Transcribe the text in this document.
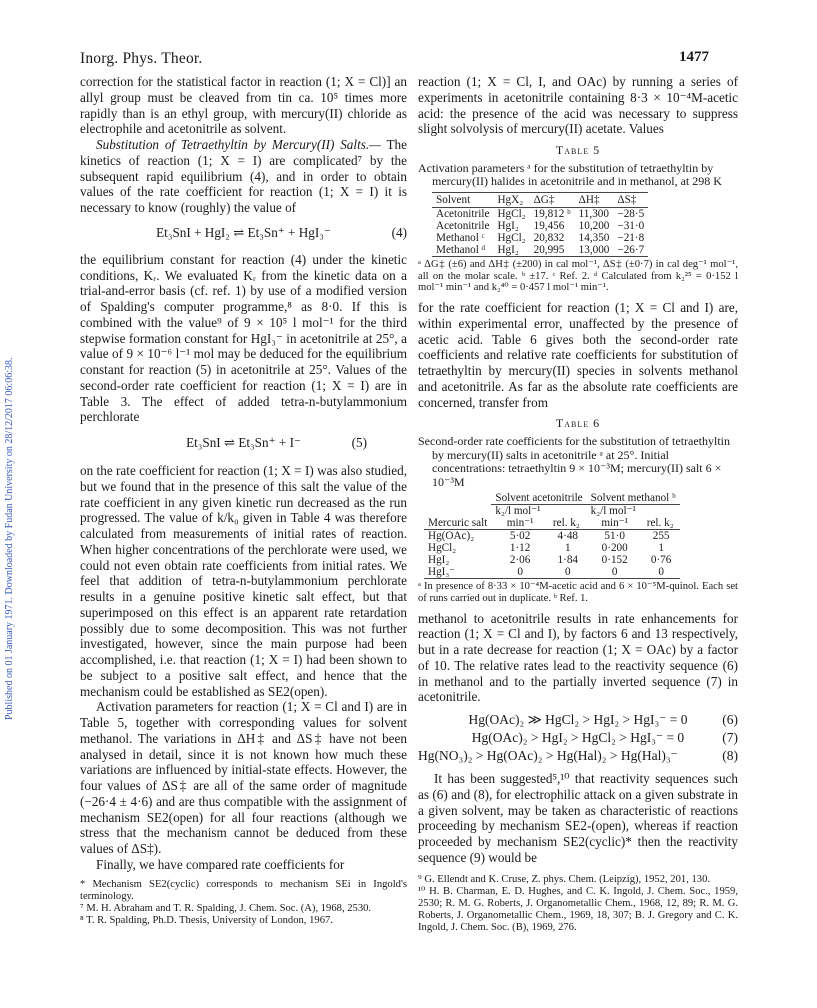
Inorg. Phys. Theor.	1477
Published on 01 January 1971. Downloaded by Fudan University on 28/12/2017 06:06:38.

correction for the statistical factor in reaction (1; X = Cl)] an allyl group must be cleaved from tin ca. 10⁵ times more rapidly than is an ethyl group, with mercury(II) chloride as electrophile and acetonitrile as solvent.

Substitution of Tetraethyltin by Mercury(II) Salts.— The kinetics of reaction (1; X = I) are complicated⁷ by the subsequent rapid equilibrium (4), and in order to obtain values of the rate coefficient for reaction (1; X = I) it is necessary to know (roughly) the value of

Et₃SnI + HgI₂ ⇌ Et₃Sn⁺ + HgI₃⁻	(4)

the equilibrium constant for reaction (4) under the kinetic conditions, Kᵣ. We evaluated Kᵣ from the kinetic data on a trial-and-error basis (cf. ref. 1) by use of a modified version of Spalding's computer programme,⁸ as 8·0. If this is combined with the value⁹ of 9 × 10⁵ l mol⁻¹ for the third stepwise formation constant for HgI₃⁻ in acetonitrile at 25°, a value of 9 × 10⁻⁶ l⁻¹ mol may be deduced for the equilibrium constant for reaction (5) in acetonitrile at 25°. Values of the second-order rate coefficient for reaction (1; X = I) are in Table 3. The effect of added tetra-n-butylammonium perchlorate

Et₃SnI ⇌ Et₃Sn⁺ + I⁻	(5)

on the rate coefficient for reaction (1; X = I) was also studied, but we found that in the presence of this salt the value of the rate coefficient in any given kinetic run decreased as the run progressed. The value of k/k₀ given in Table 4 was therefore calculated from measurements of initial rates of reaction. When higher concentrations of the perchlorate were used, we could not even obtain rate coefficients from initial rates. We feel that addition of tetra-n-butylammonium perchlorate results in a genuine positive kinetic salt effect, but that superimposed on this effect is an apparent rate retardation possibly due to some decomposition. This was not further investigated, however, since the main purpose had been accomplished, i.e. that reaction (1; X = I) had been shown to be subject to a positive salt effect, and hence that the mechanism could be established as SE2(open).

Activation parameters for reaction (1; X = Cl and I) are in Table 5, together with corresponding values for solvent methanol. The variations in ΔH‡ and ΔS‡ have not been analysed in detail, since it is not known how much these variations are influenced by initial-state effects. However, the four values of ΔS‡ are all of the same order of magnitude (−26·4 ± 4·6) and are thus compatible with the assignment of mechanism SE2(open) for all four reactions (although we stress that the mechanism cannot be deduced from these values of ΔS‡).

Finally, we have compared rate coefficients for

* Mechanism SE2(cyclic) corresponds to mechanism SEi in Ingold's terminology.

⁷ M. H. Abraham and T. R. Spalding, J. Chem. Soc. (A), 1968, 2530.

⁸ T. R. Spalding, Ph.D. Thesis, University of London, 1967.

reaction (1; X = Cl, I, and OAc) by running a series of experiments in acetonitrile containing 8·3 × 10⁻⁴M-acetic acid: the presence of the acid was necessary to suppress slight solvolysis of mercury(II) acetate. Values

Table 5
Activation parameters ᵃ for the substitution of tetraethyltin by mercury(II) halides in acetonitrile and in methanol, at 298 K
Solvent	HgX₂	ΔG‡	ΔH‡	ΔS‡
Acetonitrile	HgCl₂	19,812 ᵇ	11,300	−28·5
Acetonitrile	HgI₂	19,456	10,200	−31·0
Methanol ᶜ	HgCl₂	20,832	14,350	−21·8
Methanol ᵈ	HgI₂	20,995	13,000	−26·7
ᵃ ΔG‡ (±6) and ΔH‡ (±200) in cal mol⁻¹, ΔS‡ (±0·7) in cal deg⁻¹ mol⁻¹, all on the molar scale. ᵇ ±17. ᶜ Ref. 2. ᵈ Calculated from k₂²⁵ = 0·152 l mol⁻¹ min⁻¹ and k₂⁴⁰ = 0·457 l mol⁻¹ min⁻¹.

for the rate coefficient for reaction (1; X = Cl and I) are, within experimental error, unaffected by the presence of acetic acid. Table 6 gives both the second-order rate coefficients and relative rate coefficients for substitution of tetraethyltin by mercury(II) species in solvents methanol and acetonitrile. As far as the absolute rate coefficients are concerned, transfer from

Table 6
Second-order rate coefficients for the substitution of tetraethyltin by mercury(II) salts in acetonitrile ᵃ at 25°. Initial concentrations: tetraethyltin 9 × 10⁻³M; mercury(II) salt 6 × 10⁻³M
	Solvent acetonitrile		Solvent methanol ᵇ	
	k₂/l mol⁻¹		k₂/l mol⁻¹	
Mercuric salt	min⁻¹	rel. k₂	min⁻¹	rel. k₂
Hg(OAc)₂	5·02	4·48	51·0	255
HgCl₂	1·12	1	0·200	1
HgI₂	2·06	1·84	0·152	0·76
HgI₃⁻	0	0	0	0
ᵃ In presence of 8·33 × 10⁻⁴M-acetic acid and 6 × 10⁻⁵M-quinol. Each set of runs carried out in duplicate. ᵇ Ref. 1.

methanol to acetonitrile results in rate enhancements for reaction (1; X = Cl and I), by factors 6 and 13 respectively, but in a rate decrease for reaction (1; X = OAc) by a factor of 10. The relative rates lead to the reactivity sequence (6) in methanol and to the partially inverted sequence (7) in acetonitrile.

Hg(OAc)₂ ≫ HgCl₂ > HgI₂ > HgI₃⁻ = 0	(6)
Hg(OAc)₂ > HgI₂ > HgCl₂ > HgI₃⁻ = 0	(7)
Hg(NO₃)₂ > Hg(OAc)₂ > Hg(Hal)₂ > Hg(Hal)₃⁻	(8)

It has been suggested⁵,¹⁰ that reactivity sequences such as (6) and (8), for electrophilic attack on a given substrate in a given solvent, may be taken as characteristic of reactions proceeding by mechanism SE2-(open), whereas if reaction proceeded by mechanism SE2(cyclic)* then the reactivity sequence (9) would be

⁹ G. Ellendt and K. Cruse, Z. phys. Chem. (Leipzig), 1952, 201, 130.

¹⁰ H. B. Charman, E. D. Hughes, and C. K. Ingold, J. Chem. Soc., 1959, 2530; R. M. G. Roberts, J. Organometallic Chem., 1968, 12, 89; R. M. G. Roberts, J. Organometallic Chem., 1969, 18, 307; B. J. Gregory and C. K. Ingold, J. Chem. Soc. (B), 1969, 276.
